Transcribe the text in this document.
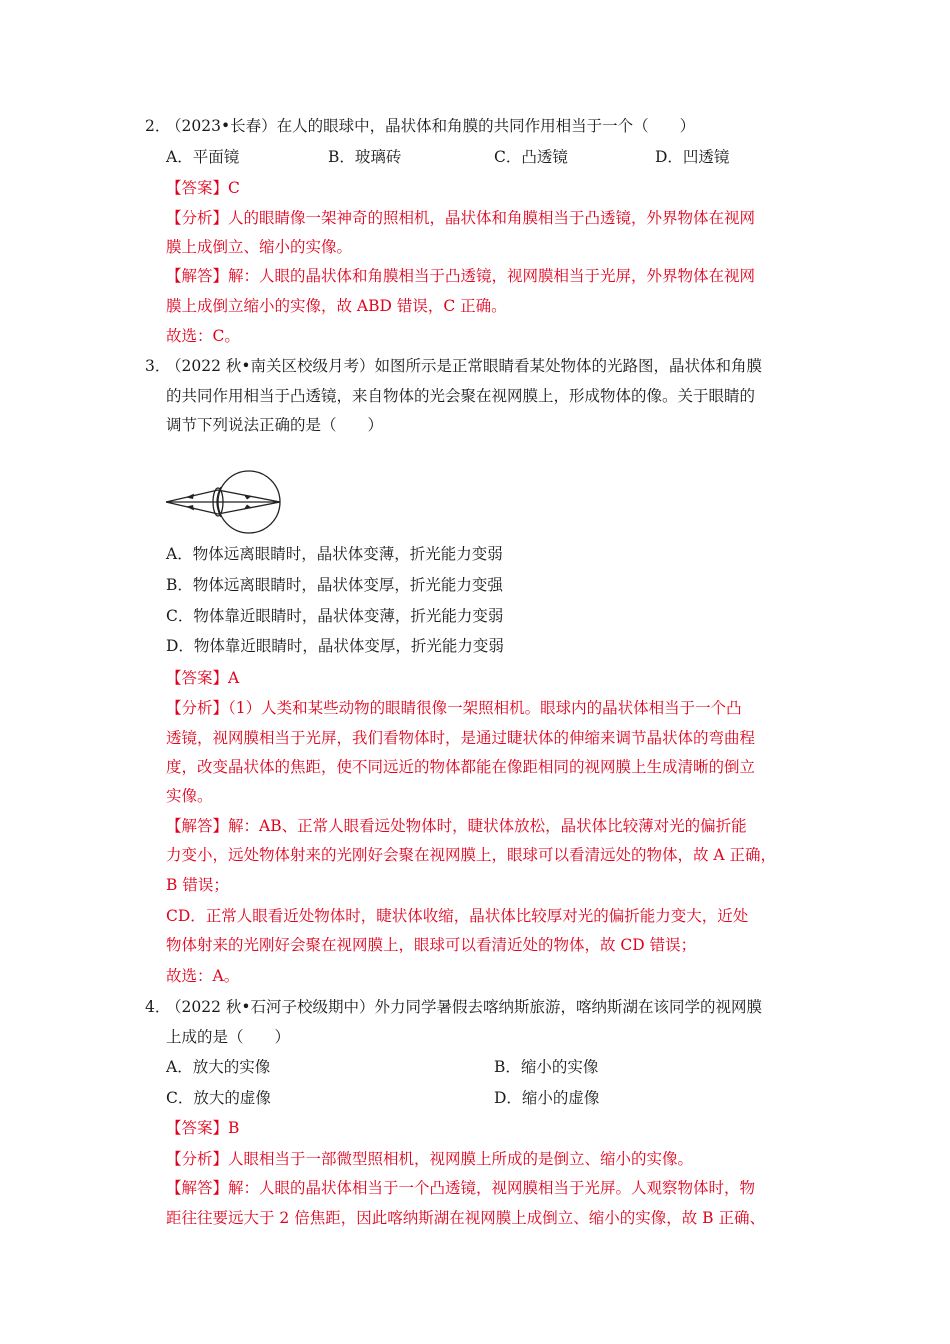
2．
（2023•长春）在人的眼球中，晶状体和角膜的共同作用相当于一个（　　）
A．平面镜	B．玻璃砖	C．凸透镜	D．凹透镜
【答案】C
【分析】人的眼睛像一架神奇的照相机，晶状体和角膜相当于凸透镜，外界物体在视网
膜上成倒立、缩小的实像。
【解答】解：人眼的晶状体和角膜相当于凸透镜，视网膜相当于光屏，外界物体在视网
膜上成倒立缩小的实像，故 ABD 错误，C 正确。
故选：C。
3．
（2022 秋•南关区校级月考）如图所示是正常眼睛看某处物体的光路图，晶状体和角膜
的共同作用相当于凸透镜，来自物体的光会聚在视网膜上，形成物体的像。关于眼睛的
调节下列说法正确的是（　　）
A．物体远离眼睛时，晶状体变薄，折光能力变弱
B．物体远离眼睛时，晶状体变厚，折光能力变强
C．物体靠近眼睛时，晶状体变薄，折光能力变弱
D．物体靠近眼睛时，晶状体变厚，折光能力变弱
【答案】A
【分析】（1）人类和某些动物的眼睛很像一架照相机。眼球内的晶状体相当于一个凸
透镜，视网膜相当于光屏，我们看物体时，是通过睫状体的伸缩来调节晶状体的弯曲程
度，改变晶状体的焦距，使不同远近的物体都能在像距相同的视网膜上生成清晰的倒立
实像。
【解答】解：AB、正常人眼看远处物体时，睫状体放松，晶状体比较薄对光的偏折能
力变小，远处物体射来的光刚好会聚在视网膜上，眼球可以看清远处的物体，故 A 正确，
B 错误；
CD．正常人眼看近处物体时，睫状体收缩，晶状体比较厚对光的偏折能力变大，近处
物体射来的光刚好会聚在视网膜上，眼球可以看清近处的物体，故 CD 错误；
故选：A。
4．
（2022 秋•石河子校级期中）外力同学暑假去喀纳斯旅游，喀纳斯湖在该同学的视网膜
上成的是（　　）
A．放大的实像	B．缩小的实像
C．放大的虚像	D．缩小的虚像
【答案】B
【分析】人眼相当于一部微型照相机，视网膜上所成的是倒立、缩小的实像。
【解答】解：人眼的晶状体相当于一个凸透镜，视网膜相当于光屏。人观察物体时，物
距往往要远大于 2 倍焦距，因此喀纳斯湖在视网膜上成倒立、缩小的实像，故 B 正确、
